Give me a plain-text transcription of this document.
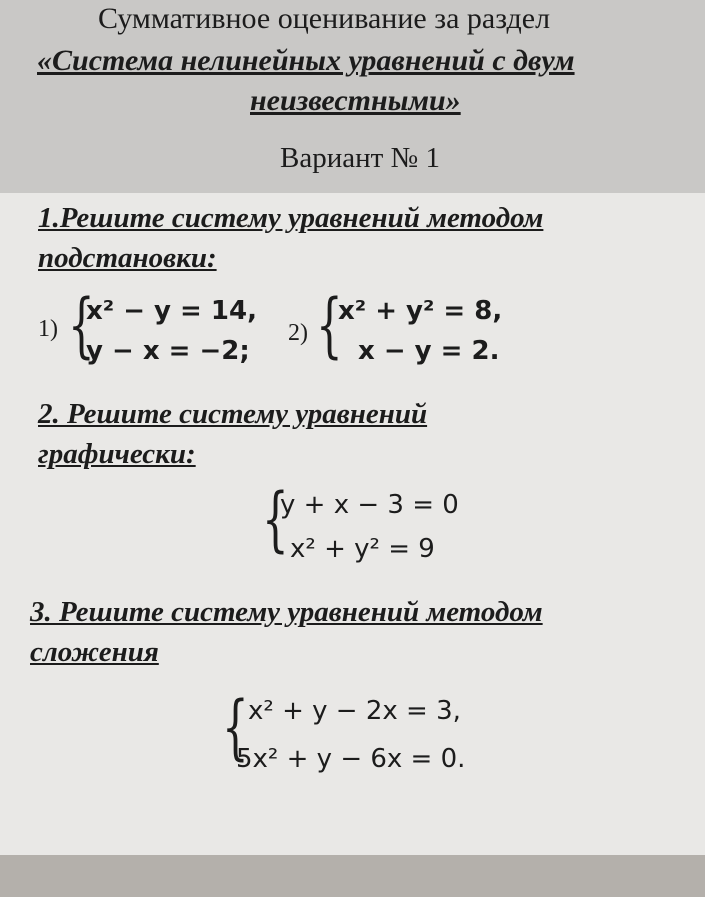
Суммативное оценивание за раздел
«Система нелинейных уравнений с двум
неизвестными»
Вариант № 1
1.Решите систему уравнений методом
подстановки:
1) {
x² − y = 14,
y − x = −2;
2) {
x² + y² = 8,
x − y = 2.
2. Решите систему уравнений
графически:
{
y + x − 3 = 0
x² + y² = 9
3. Решите систему уравнений методом
сложения
{ x² + y − 2x = 3,
5x² + y − 6x = 0.
